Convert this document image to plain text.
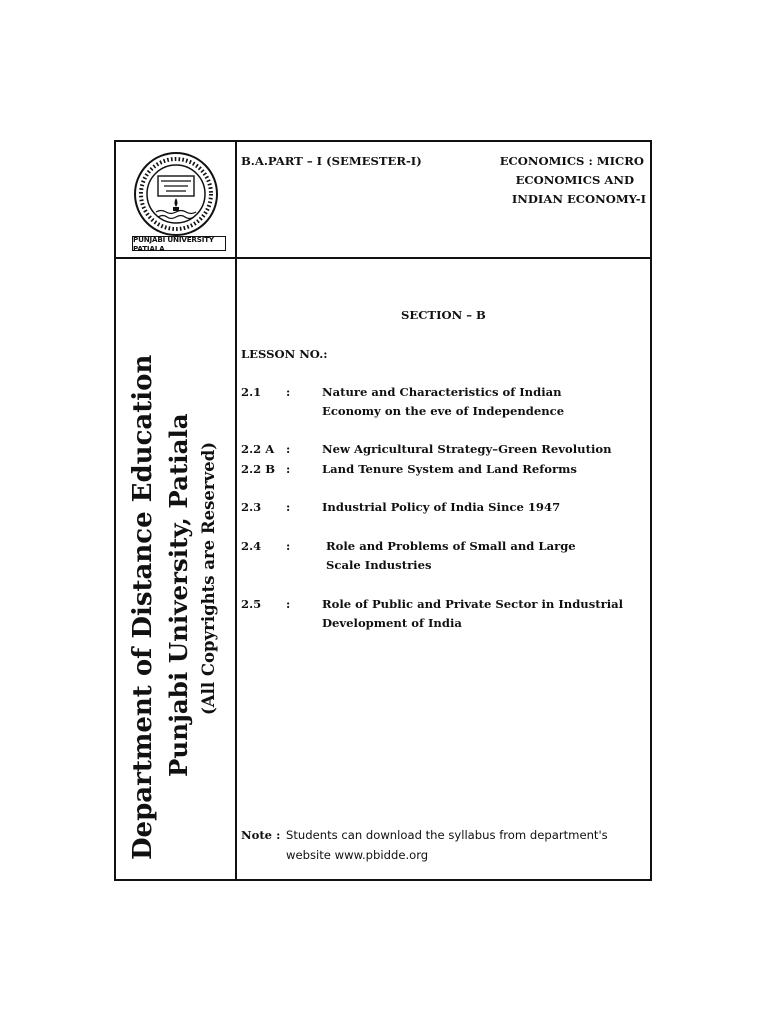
PUNJABI UNIVERSITY PATIALA
Department of Distance Education Punjabi University, Patiala (All Copyrights are Reserved)
B.A.PART – I (SEMESTER-I)	ECONOMICS : MICRO
ECONOMICS AND
INDIAN ECONOMY-I
SECTION – B
LESSON NO.:
2.1 :	Nature and Characteristics of Indian
Economy on the eve of Independence
2.2 A :	New Agricultural Strategy–Green Revolution
2.2 B :	Land Tenure System and Land Reforms
2.3 :	Industrial Policy of India Since 1947
2.4 :	Role and Problems of Small and Large
Scale Industries
2.5 :	Role of Public and Private Sector in Industrial
Development of India
Note : Students can download the syllabus from department's
website www.pbidde.org
